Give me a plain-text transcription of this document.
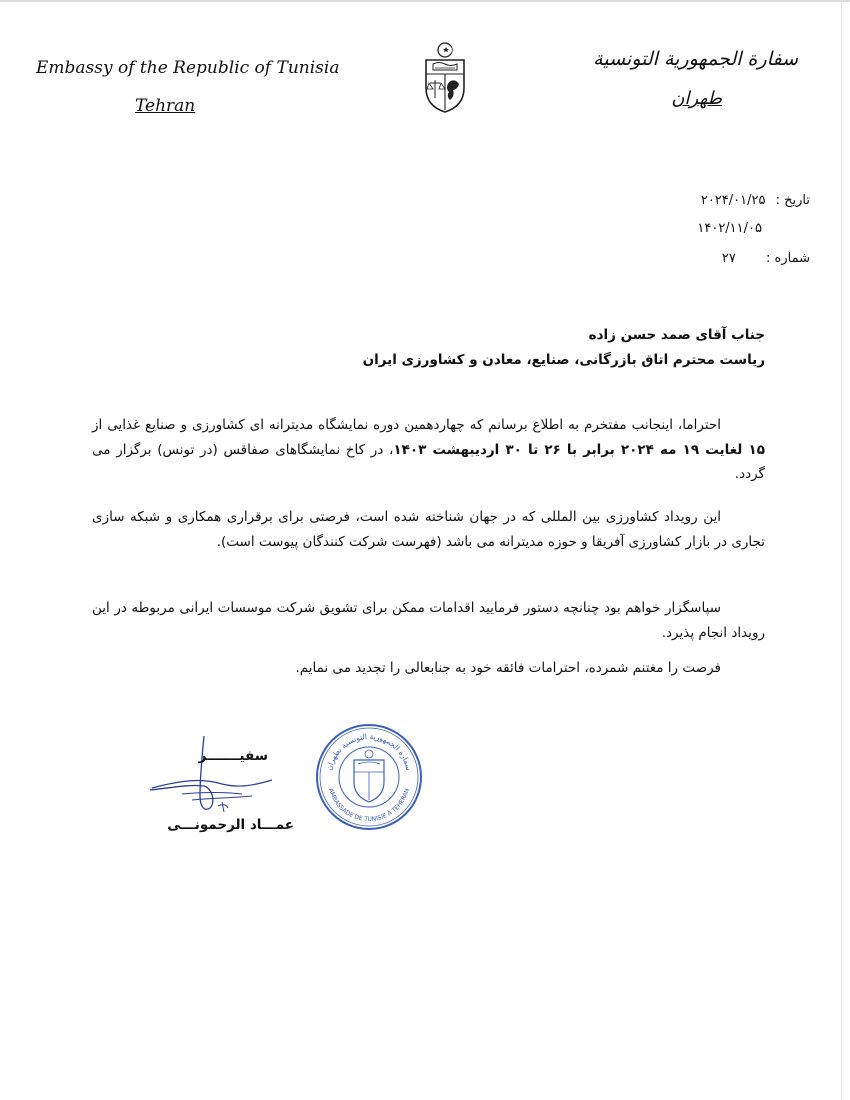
Embassy of the Republic of Tunisia
Tehran
سفارة الجمهورية التونسية
طهران
تاریخ : ۲۰۲۴/۰۱/۲۵
۱۴۰۲/۱۱/۰۵
شماره : ۲۷
جناب آقای صمد حسن زاده
ریاست محترم اتاق بازرگانی، صنایع، معادن و کشاورزی ایران
احتراما، اینجانب مفتخرم به اطلاع برسانم که چهاردهمین دوره نمایشگاه مدیترانه ای کشاورزی و صنایع غذایی از ۱۵ لغایت ۱۹ مه ۲۰۲۴ برابر با ۲۶ تا ۳۰ اردیبهشت ۱۴۰۳، در کاخ نمایشگاهای صفاقس (در تونس) برگزار می گردد.
این رویداد کشاورزی بین المللی که در جهان شناخته شده است، فرصتی برای برقراری همکاری و شبکه سازی تجاری در بازار کشاورزی آفریقا و حوزه مدیترانه می باشد (فهرست شرکت کنندگان پیوست است).
سپاسگزار خواهم بود چنانچه دستور فرمایید اقدامات ممکن برای تشویق شرکت موسسات ایرانی مربوطه در این رویداد انجام پذیرد.
فرصت را مغتنم شمرده، احترامات فائقه خود به جنابعالی را تجدید می نمایم.
سفیـــــــر
عمـــاد الرحمونـــی
سفارة الجمهورية التونسية بطهران
AMBASSADE DE TUNISIE À TEHERAN
